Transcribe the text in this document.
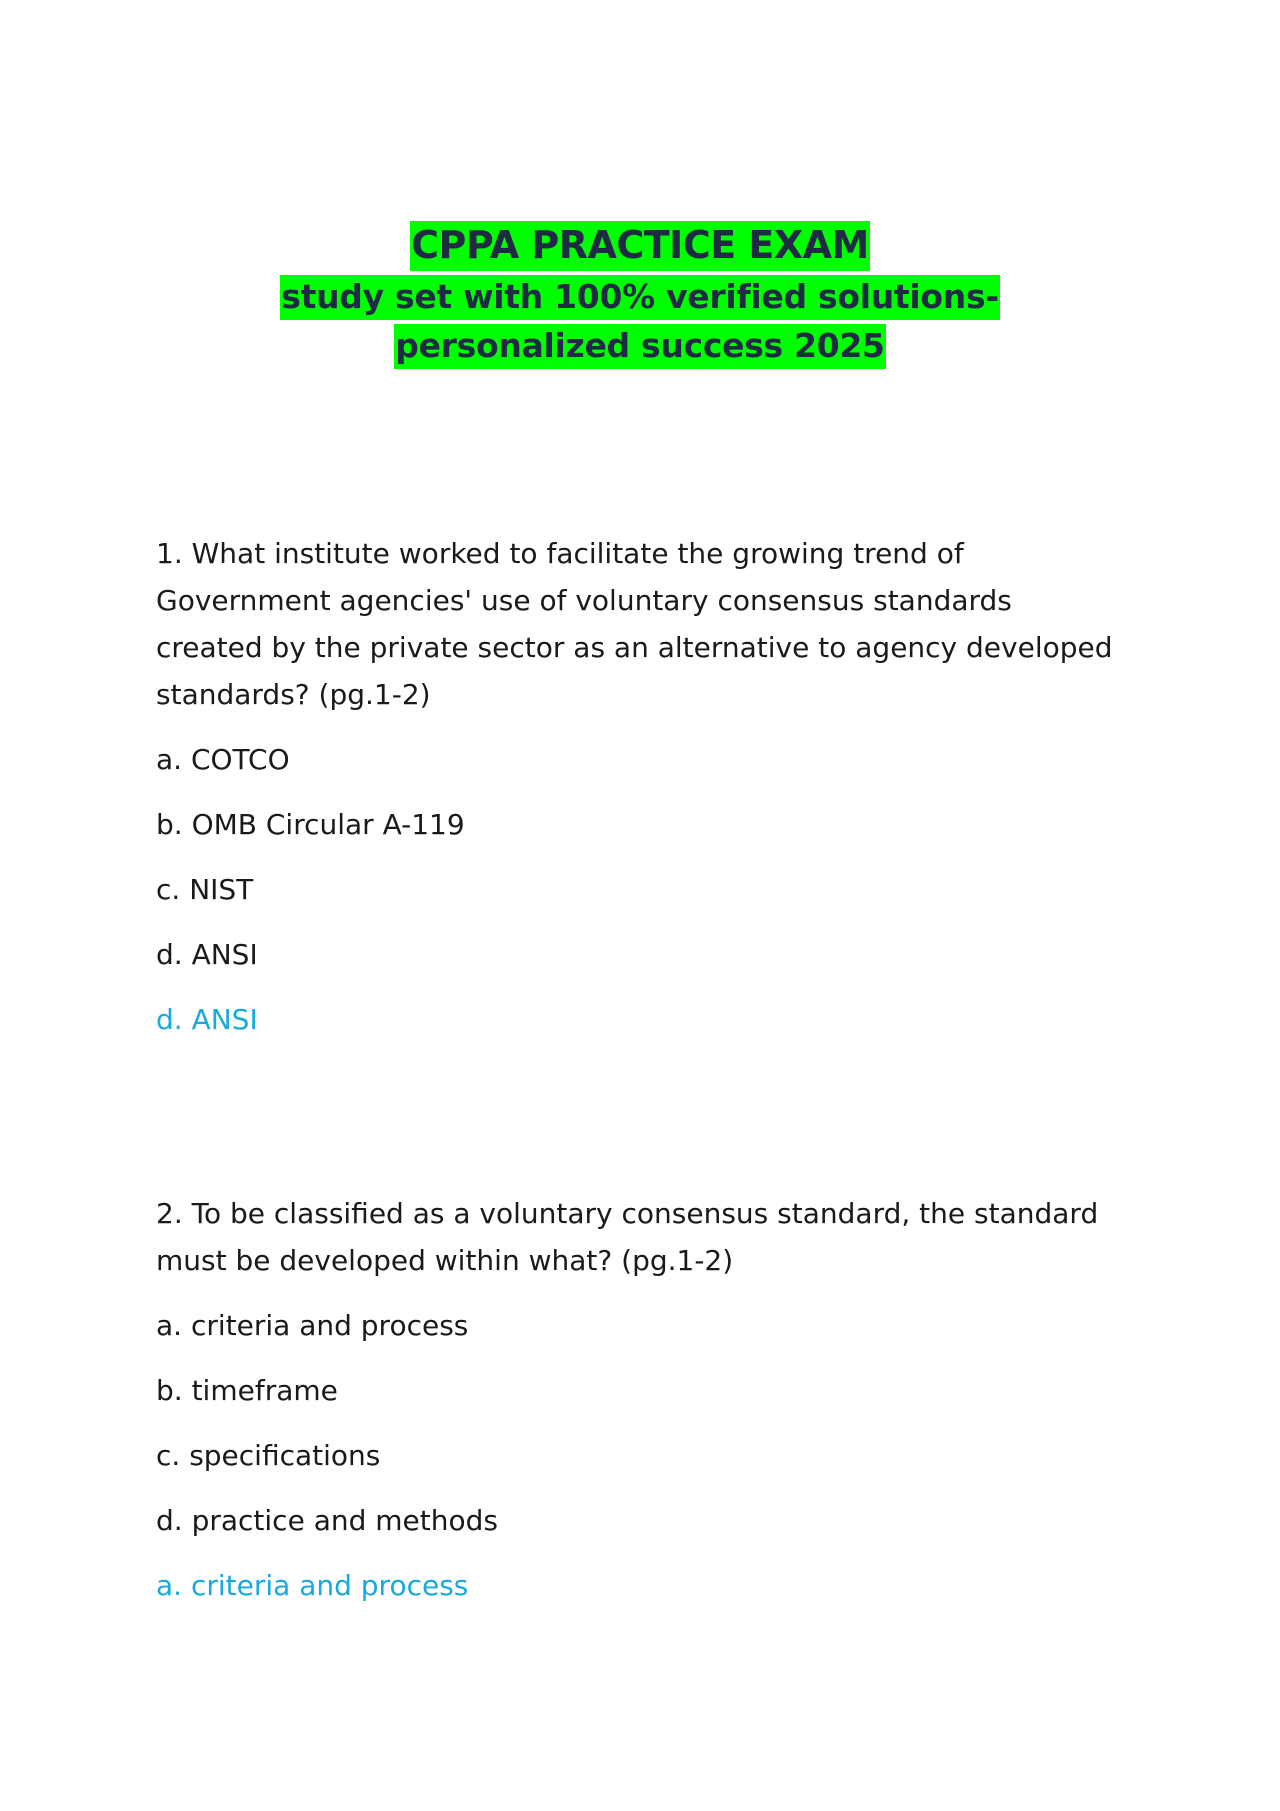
CPPA PRACTICE EXAM
study set with 100% verified solutions-personalized success 2025

1. What institute worked to facilitate the growing trend of Government agencies' use of voluntary consensus standards created by the private sector as an alternative to agency developed standards? (pg.1-2)

a. COTCO

b. OMB Circular A-119

c. NIST

d. ANSI

d. ANSI

2. To be classified as a voluntary consensus standard, the standard must be developed within what? (pg.1-2)

a. criteria and process

b. timeframe

c. specifications

d. practice and methods

a. criteria and process
